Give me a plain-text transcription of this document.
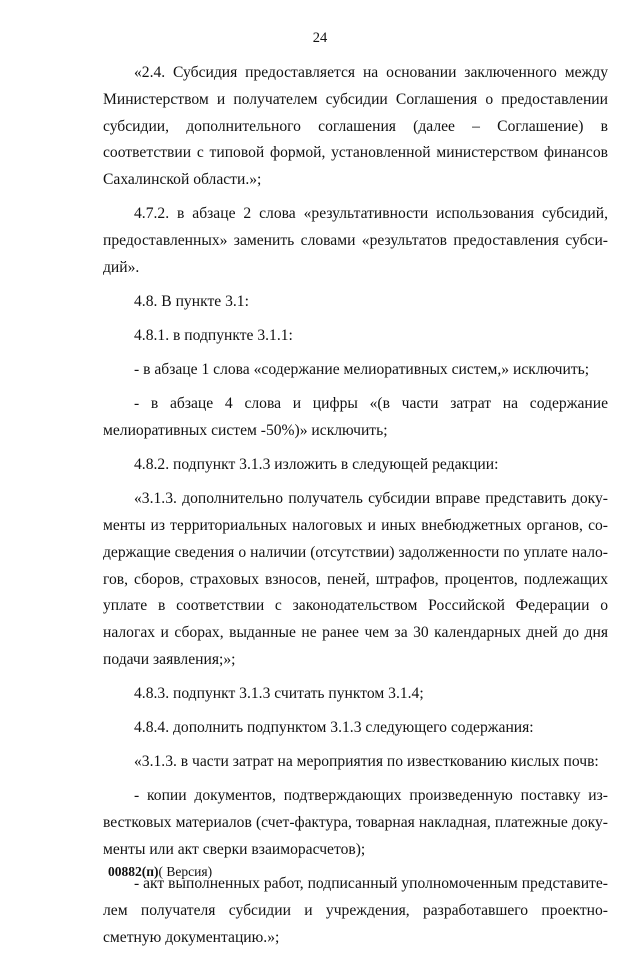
24

«2.4. Субсидия предоставляется на основании заключенного между Министерством и получателем субсидии Соглашения о предоставлении субсидии, дополнительного соглашения (далее – Соглашение) в соответствии с типовой формой, установленной министерством финансов Сахалинской области.»;

4.7.2. в абзаце 2 слова «результативности использования субсидий, предоставленных» заменить словами «результатов предоставления субсидий».

4.8. В пункте 3.1:

4.8.1. в подпункте 3.1.1:

- в абзаце 1 слова «содержание мелиоративных систем,» исключить;

- в абзаце 4 слова и цифры «(в части затрат на содержание мелиоративных систем -50%)» исключить;

4.8.2. подпункт 3.1.3 изложить в следующей редакции:

«3.1.3. дополнительно получатель субсидии вправе представить документы из территориальных налоговых и иных внебюджетных органов, содержащие сведения о наличии (отсутствии) задолженности по уплате налогов, сборов, страховых взносов, пеней, штрафов, процентов, подлежащих уплате в соответствии с законодательством Российской Федерации о налогах и сборах, выданные не ранее чем за 30 календарных дней до дня подачи заявления;»;

4.8.3. подпункт 3.1.3 считать пунктом 3.1.4;

4.8.4. дополнить подпунктом 3.1.3 следующего содержания:

«3.1.3. в части затрат на мероприятия по известкованию кислых почв:

- копии документов, подтверждающих произведенную поставку известковых материалов (счет-фактура, товарная накладная, платежные документы или акт сверки взаиморасчетов);

- акт выполненных работ, подписанный уполномоченным представителем получателя субсидии и учреждения, разработавшего проектно-сметную документацию.»;

00882(п)( Версия)
